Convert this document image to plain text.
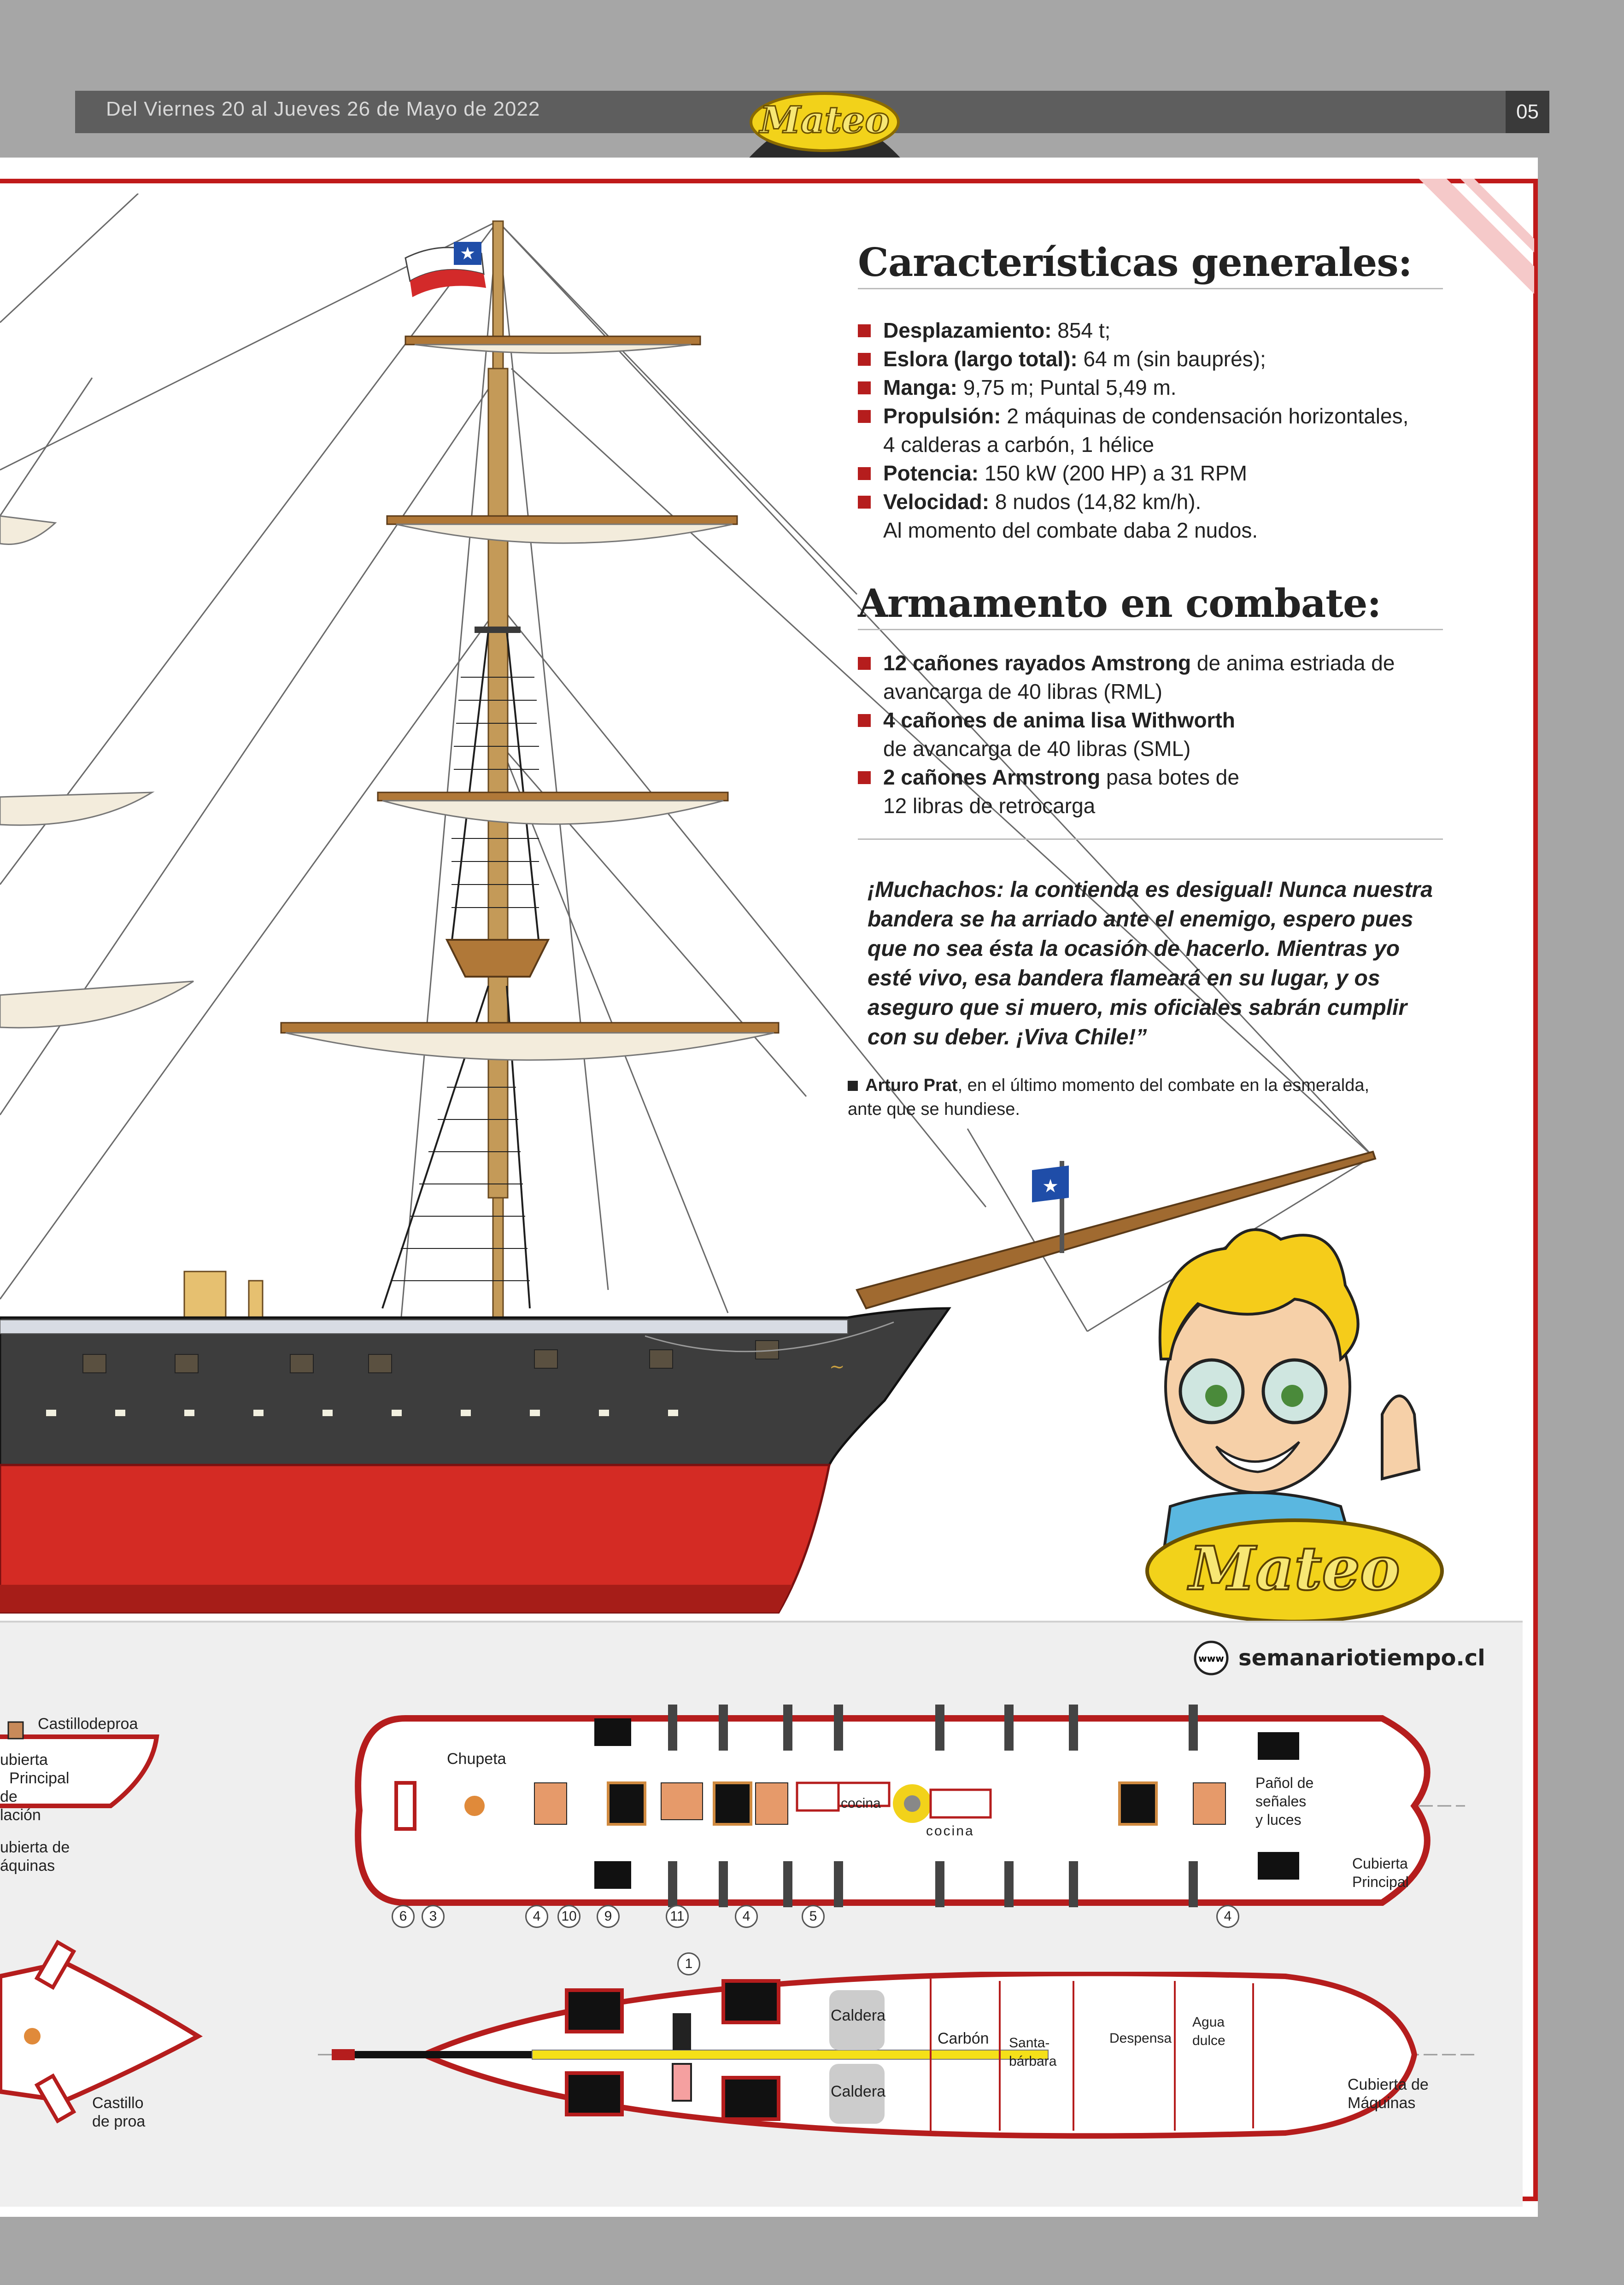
Del Viernes 20 al Jueves 26 de Mayo de 2022	05
Mateo
★
★
~
Características generales:
Desplazamiento: 854 t;
Eslora (largo total): 64 m (sin bauprés);
Manga: 9,75 m; Puntal 5,49 m.
Propulsión: 2 máquinas de condensación horizontales,
4 calderas a carbón, 1 hélice
Potencia: 150 kW (200 HP) a 31 RPM
Velocidad: 8 nudos (14,82 km/h).
Al momento del combate daba 2 nudos.
Armamento en combate:
12 cañones rayados Amstrong de anima estriada de
avancarga de 40 libras (RML)
4 cañones de anima lisa Withworth
de avancarga de 40 libras (SML)
2 cañones Armstrong pasa botes de
12 libras de retrocarga
¡Muchachos: la contienda es desigual! Nunca nuestra bandera se ha arriado ante el enemigo, espero pues que no sea ésta la ocasión de hacerlo. Mientras yo esté vivo, esa bandera flameará en su lugar, y os aseguro que si muero, mis oficiales sabrán cumplir con su deber. ¡Viva Chile!”
Arturo Prat, en el último momento del combate en la esmeralda, ante que se hundiese.
Mateo
www semanariotiempo.cl
Castillodeproa
ubierta
Principal
de
lación
ubierta de
áquinas
Castillo
de proa
Chupeta
cocina
cocina
Pañol de
señales
y luces
Cubierta
Principal
6	3	4	10	9	11	4	5	4
Caldera
Caldera
Carbón Santa-
bárbara
Despensa
Agua
dulce
Cubierta de
Máquinas
1
